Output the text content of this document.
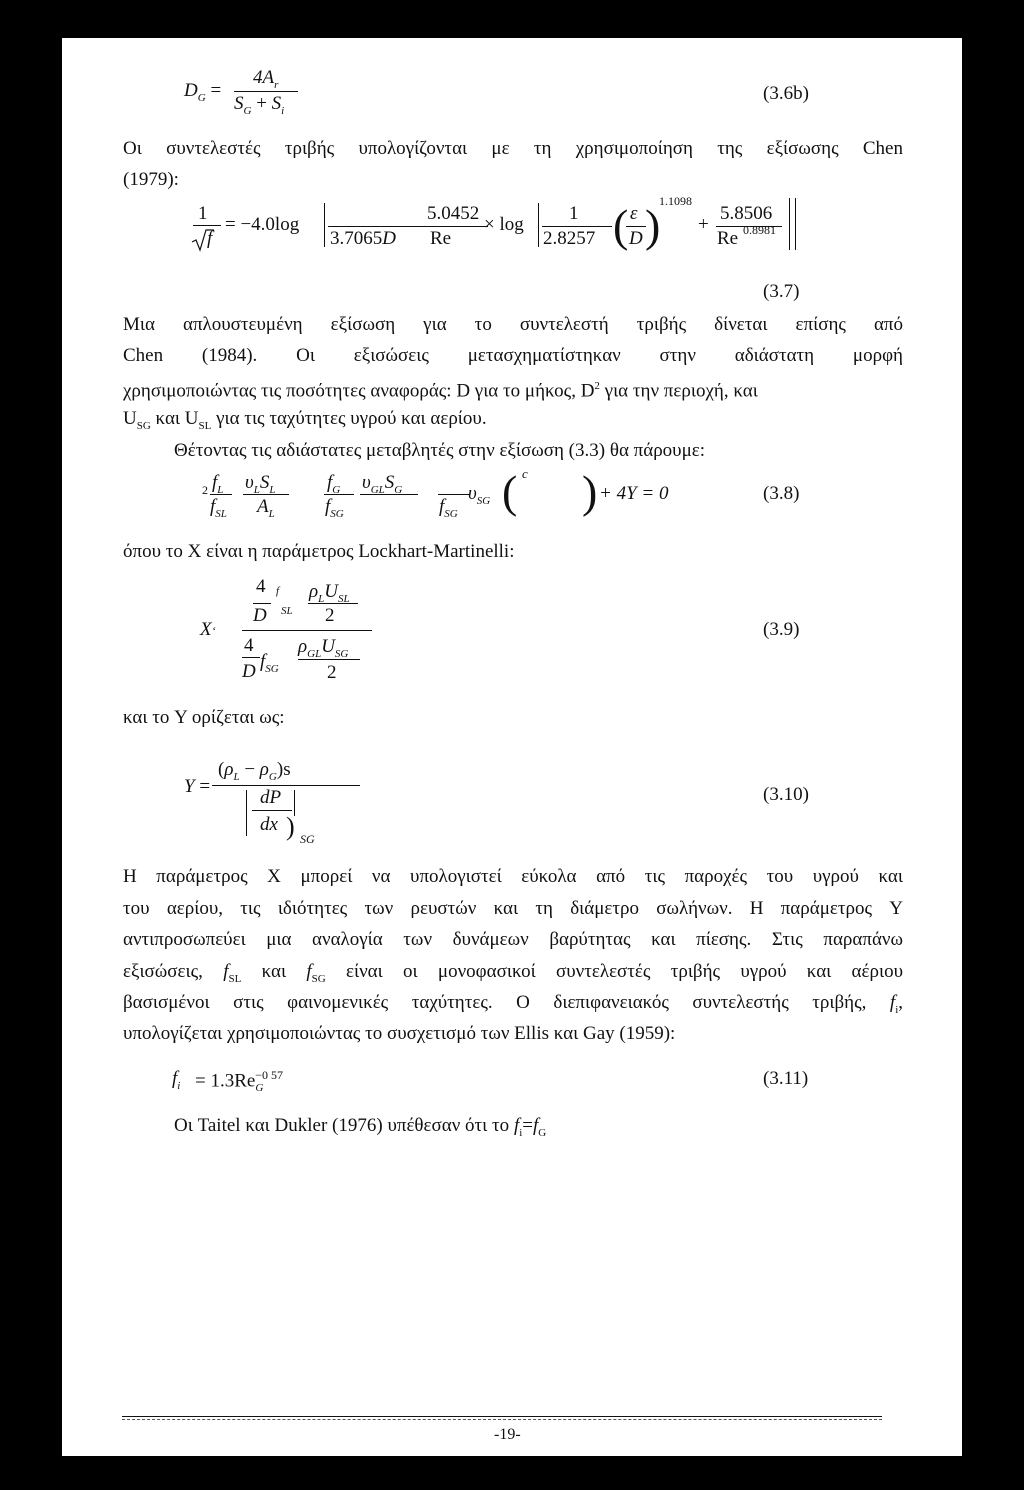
$D_G$ =
$4A_r$
$S_G + S_i$
(3.6b)
Οι συντελεστές τριβής υπολογίζονται με τη χρησιμοποίηση της εξίσωσης Chen
(1979):
1
f
= −4.0log
5.0452
3.7065D Re
× log
1
2.8257 ( ε
D )
1.1098
+
5.8506
Re 0.8981
(3.7)
Μια απλουστευμένη εξίσωση για το συντελεστή τριβής δίνεται επίσης από
Chen (1984). Οι εξισώσεις μετασχηματίστηκαν στην αδιάστατη μορφή
χρησιμοποιώντας τις ποσότητες αναφοράς: D για το μήκος, $D^2$ για την περιοχή, και
$U_{SG}$ και $U_{SL}$ για τις ταχύτητες υγρού και αερίου.
Θέτοντας τις αδιάστατες μεταβλητές στην εξίσωση (3.3) θα πάρουμε:
2 $f_L$
$f_{SL}$
$\upsilon_LS_L$
$A_L$
$f_G$
$f_{SG}$
$\upsilon_{GL}S_G$
$f_{SG}$
$\upsilon_{SG}$ ( c ) + 4Y = 0	(3.8)
όπου το X είναι η παράμετρος Lockhart-Martinelli:
X‘
4 f $\rho_LU_{SL}$
D SL 2
4
$f_{SG}$
D
$\rho_{GL}U_{SG}$
2
(3.9)
και το Y ορίζεται ως:
Y =
$(\rho_L - \rho_G)s$
dP
dx ) SG
(3.10)
Η παράμετρος X μπορεί να υπολογιστεί εύκολα από τις παροχές του υγρού και
του αερίου, τις ιδιότητες των ρευστών και τη διάμετρο σωλήνων. Η παράμετρος Y
αντιπροσωπεύει μια αναλογία των δυνάμεων βαρύτητας και πίεσης. Στις παραπάνω
εξισώσεις, $f_{SL}$ και $f_{SG}$ είναι οι μονοφασικοί συντελεστές τριβής υγρού και αέριου
βασισμένοι στις φαινομενικές ταχύτητες. Ο διεπιφανειακός συντελεστής τριβής, $f_i$,
υπολογίζεται χρησιμοποιώντας το συσχετισμό των Ellis και Gay (1959):
$f_i = 1.3Re_G^{-0 57}$	(3.11)
Οι Taitel και Dukler (1976) υπέθεσαν ότι το $f_i=f_G$
-19-
